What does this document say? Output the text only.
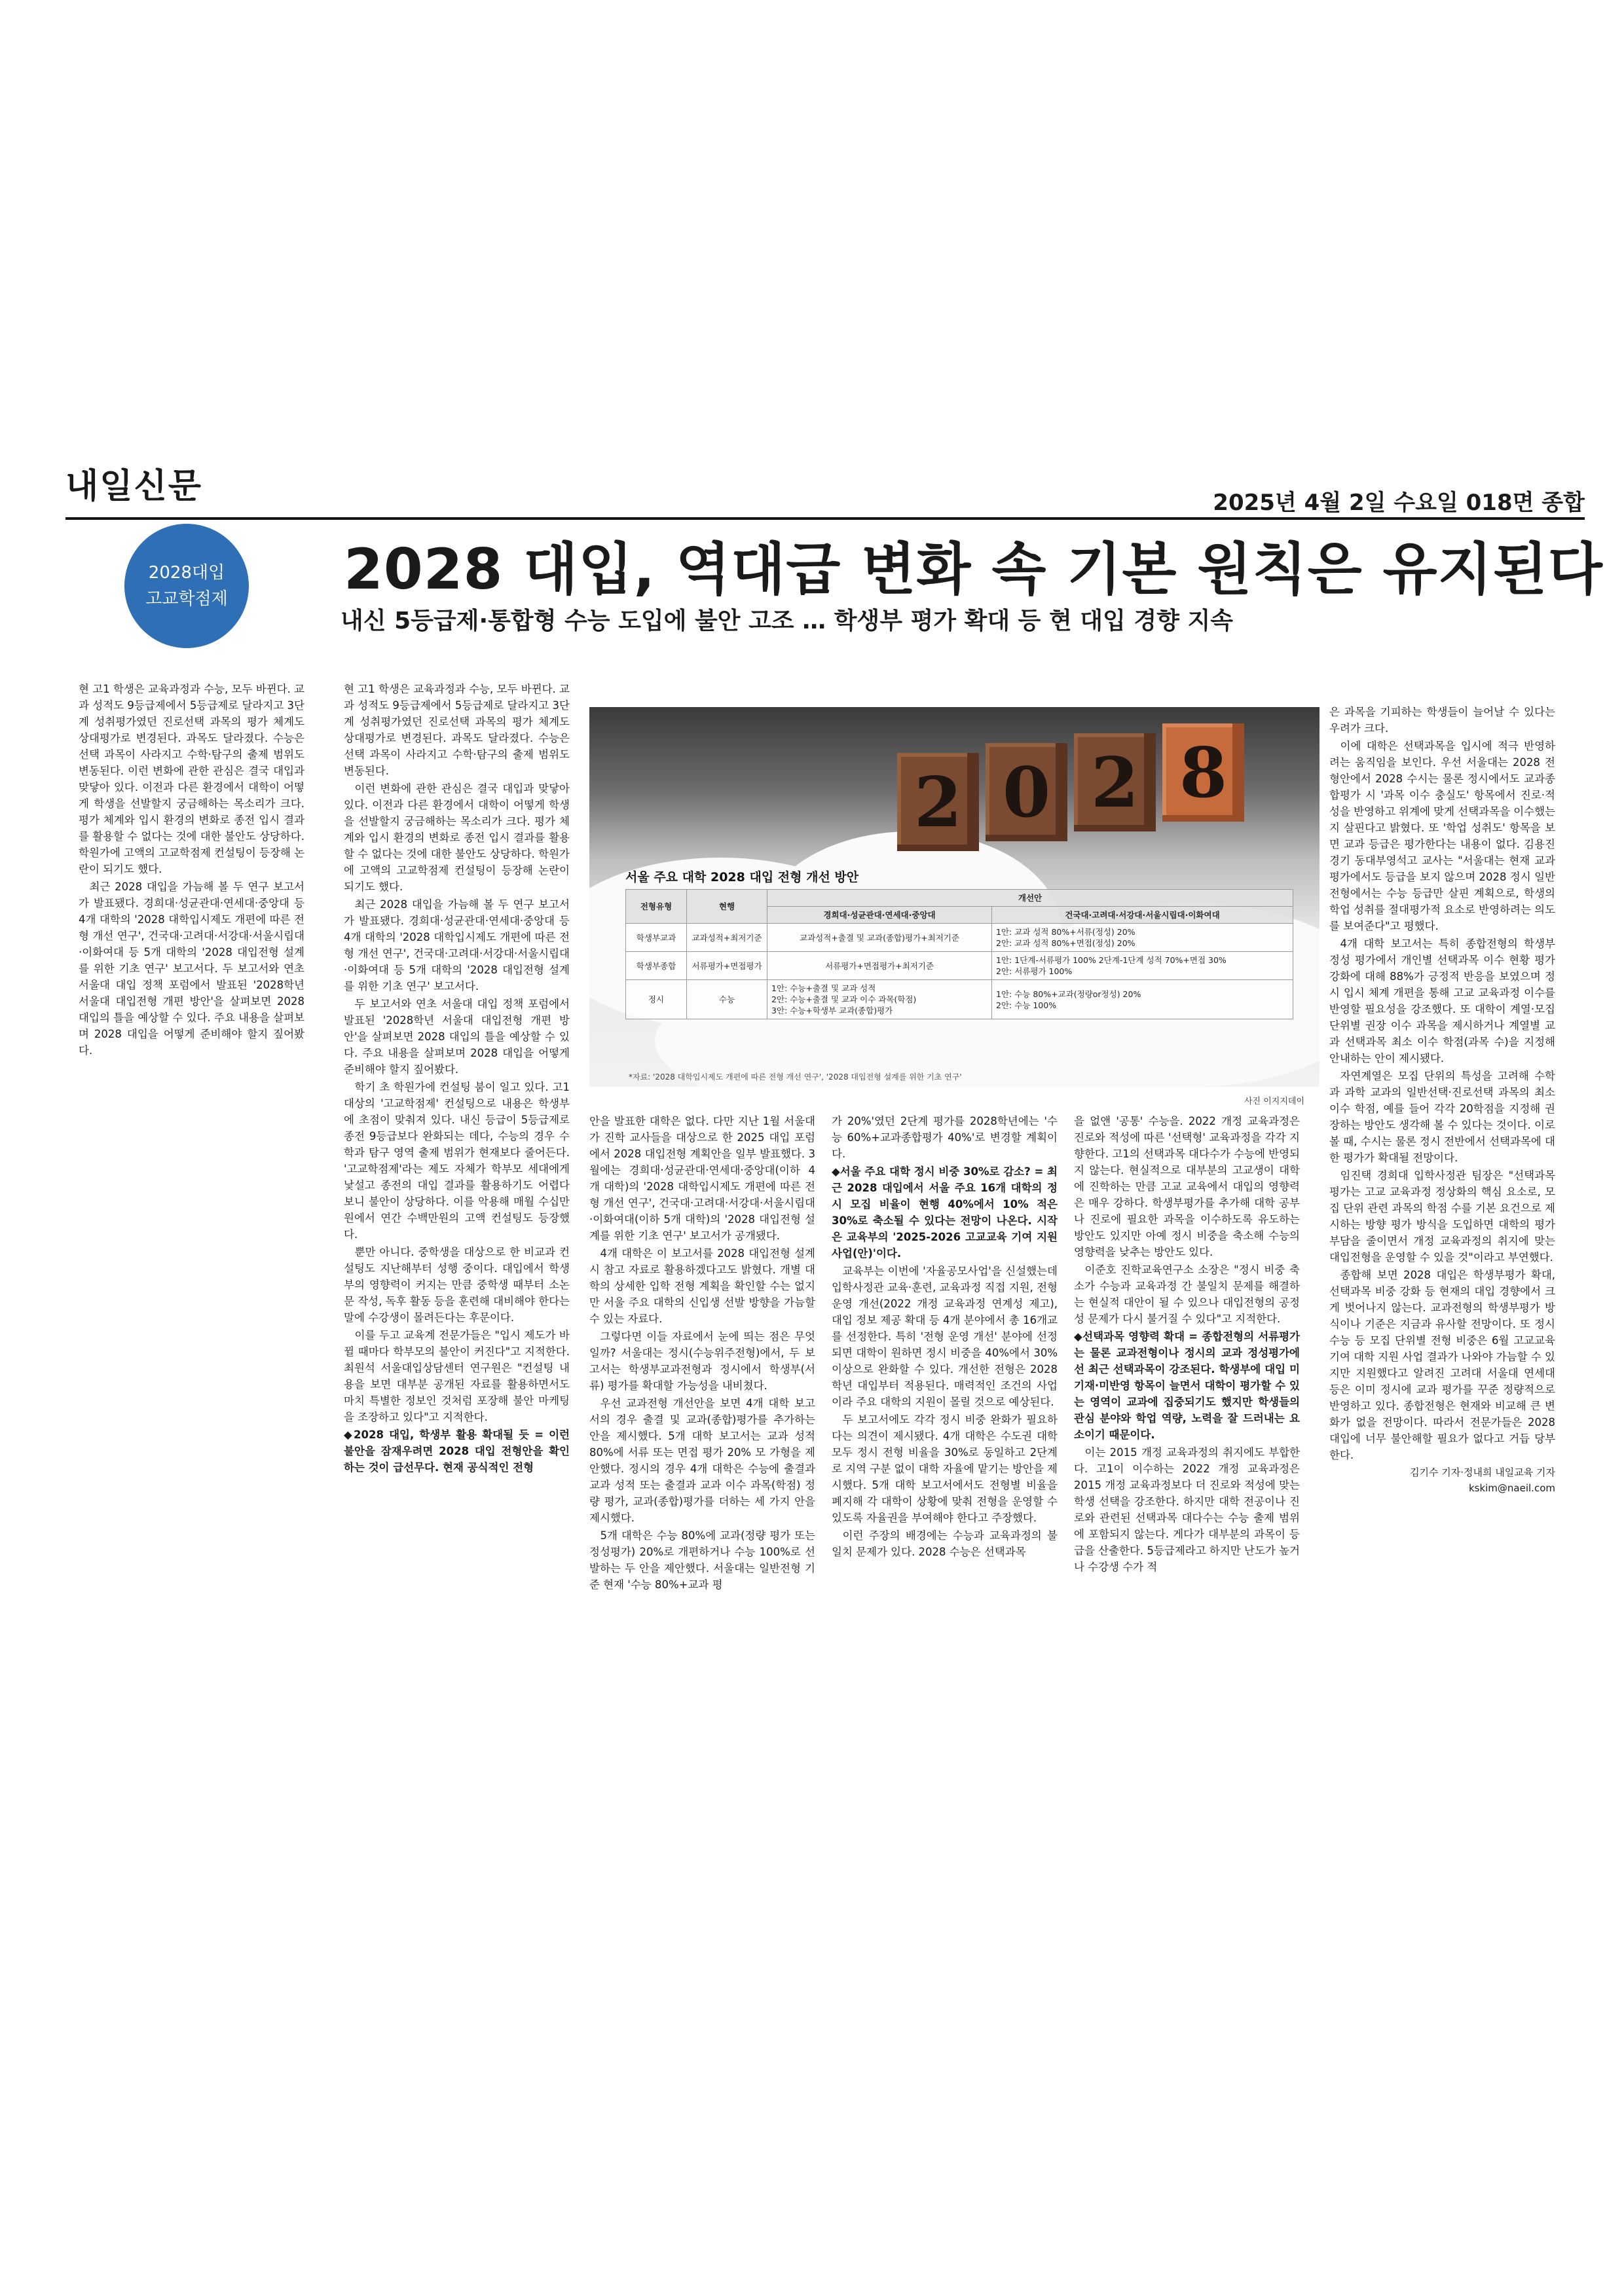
내일신문	2025년 4월 2일 수요일 018면 종합
2028대입
고교학점제 2028 대입, 역대급 변화 속 기본 원칙은 유지된다
내신 5등급제·통합형 수능 도입에 불안 고조 … 학생부 평가 확대 등 현 대입 경향 지속

현 고1 학생은 교육과정과 수능, 모두 바뀐다. 교과 성적도 9등급제에서 5등급제로 달라지고 3단계 성취평가였던 진로선택 과목의 평가 체계도 상대평가로 변경된다. 과목도 달라졌다. 수능은 선택 과목이 사라지고 수학·탐구의 출제 범위도 변동된다. 이런 변화에 관한 관심은 결국 대입과 맞닿아 있다. 이전과 다른 환경에서 대학이 어떻게 학생을 선발할지 궁금해하는 목소리가 크다. 평가 체계와 입시 환경의 변화로 종전 입시 결과를 활용할 수 없다는 것에 대한 불안도 상당하다. 학원가에 고액의 고교학점제 컨설팅이 등장해 논란이 되기도 했다.

최근 2028 대입을 가늠해 볼 두 연구 보고서가 발표됐다. 경희대·성균관대·연세대·중앙대 등 4개 대학의 '2028 대학입시제도 개편에 따른 전형 개선 연구', 건국대·고려대·서강대·서울시립대·이화여대 등 5개 대학의 '2028 대입전형 설계를 위한 기초 연구' 보고서다. 두 보고서와 연초 서울대 대입 정책 포럼에서 발표된 '2028학년 서울대 대입전형 개편 방안'을 살펴보면 2028 대입의 틀을 예상할 수 있다. 주요 내용을 살펴보며 2028 대입을 어떻게 준비해야 할지 짚어봤다.

현 고1 학생은 교육과정과 수능, 모두 바뀐다. 교과 성적도 9등급제에서 5등급제로 달라지고 3단계 성취평가였던 진로선택 과목의 평가 체계도 상대평가로 변경된다. 과목도 달라졌다. 수능은 선택 과목이 사라지고 수학·탐구의 출제 범위도 변동된다.

이런 변화에 관한 관심은 결국 대입과 맞닿아 있다. 이전과 다른 환경에서 대학이 어떻게 학생을 선발할지 궁금해하는 목소리가 크다. 평가 체계와 입시 환경의 변화로 종전 입시 결과를 활용할 수 없다는 것에 대한 불안도 상당하다. 학원가에 고액의 고교학점제 컨설팅이 등장해 논란이 되기도 했다.

최근 2028 대입을 가늠해 볼 두 연구 보고서가 발표됐다. 경희대·성균관대·연세대·중앙대 등 4개 대학의 '2028 대학입시제도 개편에 따른 전형 개선 연구', 건국대·고려대·서강대·서울시립대·이화여대 등 5개 대학의 '2028 대입전형 설계를 위한 기초 연구' 보고서다.

두 보고서와 연초 서울대 대입 정책 포럼에서 발표된 '2028학년 서울대 대입전형 개편 방안'을 살펴보면 2028 대입의 틀을 예상할 수 있다. 주요 내용을 살펴보며 2028 대입을 어떻게 준비해야 할지 짚어봤다.

학기 초 학원가에 컨설팅 붐이 일고 있다. 고1 대상의 '고교학점제' 컨설팅으로 내용은 학생부에 초점이 맞춰져 있다. 내신 등급이 5등급제로 종전 9등급보다 완화되는 데다, 수능의 경우 수학과 탐구 영역 출제 범위가 현재보다 줄어든다. '고교학점제'라는 제도 자체가 학부모 세대에게 낯설고 종전의 대입 결과를 활용하기도 어렵다 보니 불안이 상당하다. 이를 악용해 매월 수십만원에서 연간 수백만원의 고액 컨설팅도 등장했다.

뿐만 아니다. 중학생을 대상으로 한 비교과 컨설팅도 지난해부터 성행 중이다. 대입에서 학생부의 영향력이 커지는 만큼 중학생 때부터 소논문 작성, 독후 활동 등을 훈련해 대비해야 한다는 말에 수강생이 몰려든다는 후문이다.

이를 두고 교육계 전문가들은 "입시 제도가 바뀔 때마다 학부모의 불안이 커진다"고 지적한다. 최원석 서울대입상담센터 연구원은 "컨설팅 내용을 보면 대부분 공개된 자료를 활용하면서도 마치 특별한 정보인 것처럼 포장해 불안 마케팅을 조장하고 있다"고 지적한다.

◆2028 대입, 학생부 활용 확대될 듯 = 이런 불안을 잠재우려면 2028 대입 전형안을 확인하는 것이 급선무다. 현재 공식적인 전형

2 0 2 8
서울 주요 대학 2028 대입 전형 개선 방안
전형유형	현행	개선안	
		경희대·성균관대·연세대·중앙대	건국대·고려대·서강대·서울시립대·이화여대
학생부교과	교과성적+최저기준	교과성적+출결 및 교과(종합)평가+최저기준	1안: 교과 성적 80%+서류(정성) 20%
2안: 교과 성적 80%+면접(정성) 20%
학생부종합	서류평가+면접평가	서류평가+면접평가+최저기준	1안: 1단계-서류평가 100% 2단계-1단계 성적 70%+면접 30%
2안: 서류평가 100%
정시	수능	1안: 수능+출결 및 교과 성적
2안: 수능+출결 및 교과 이수 과목(학점)
3안: 수능+학생부 교과(종합)평가	1안: 수능 80%+교과(정량or정성) 20%
2안: 수능 100%
*자료: '2028 대학입시제도 개편에 따른 전형 개선 연구', '2028 대입전형 설계를 위한 기초 연구'
사진 이지지데이

안을 발표한 대학은 없다. 다만 지난 1월 서울대가 진학 교사들을 대상으로 한 2025 대입 포럼에서 2028 대입전형 계획안을 일부 발표했다. 3월에는 경희대·성균관대·연세대·중앙대(이하 4개 대학)의 '2028 대학입시제도 개편에 따른 전형 개선 연구', 건국대·고려대·서강대·서울시립대·이화여대(이하 5개 대학)의 '2028 대입전형 설계를 위한 기초 연구' 보고서가 공개됐다.

4개 대학은 이 보고서를 2028 대입전형 설계 시 참고 자료로 활용하겠다고도 밝혔다. 개별 대학의 상세한 입학 전형 계획을 확인할 수는 없지만 서울 주요 대학의 신입생 선발 방향을 가늠할 수 있는 자료다.

그렇다면 이들 자료에서 눈에 띄는 점은 무엇일까? 서울대는 정시(수능위주전형)에서, 두 보고서는 학생부교과전형과 정시에서 학생부(서류) 평가를 확대할 가능성을 내비쳤다.

우선 교과전형 개선안을 보면 4개 대학 보고서의 경우 출결 및 교과(종합)평가를 추가하는 안을 제시했다. 5개 대학 보고서는 교과 성적 80%에 서류 또는 면접 평가 20% 모 가형을 제안했다. 정시의 경우 4개 대학은 수능에 출결과 교과 성적 또는 출결과 교과 이수 과목(학점) 정량 평가, 교과(종합)평가를 더하는 세 가지 안을 제시했다.

5개 대학은 수능 80%에 교과(정량 평가 또는 정성평가) 20%로 개편하거나 수능 100%로 선발하는 두 안을 제안했다. 서울대는 일반전형 기준 현재 '수능 80%+교과 평

가 20%'였던 2단계 평가를 2028학년에는 '수능 60%+교과종합평가 40%'로 변경할 계획이다.

◆서울 주요 대학 정시 비중 30%로 감소? = 최근 2028 대입에서 서울 주요 16개 대학의 정시 모집 비율이 현행 40%에서 10% 적은 30%로 축소될 수 있다는 전망이 나온다. 시작은 교육부의 '2025-2026 고교교육 기여 지원 사업(안)'이다.

교육부는 이번에 '자율공모사업'을 신설했는데 입학사정관 교육·훈련, 교육과정 직접 지원, 전형 운영 개선(2022 개정 교육과정 연계성 제고), 대입 정보 제공 확대 등 4개 분야에서 총 16개교를 선정한다. 특히 '전형 운영 개선' 분야에 선정되면 대학이 원하면 정시 비중을 40%에서 30% 이상으로 완화할 수 있다. 개선한 전형은 2028학년 대입부터 적용된다. 매력적인 조건의 사업이라 주요 대학의 지원이 몰릴 것으로 예상된다.

두 보고서에도 각각 정시 비중 완화가 필요하다는 의견이 제시됐다. 4개 대학은 수도권 대학 모두 정시 전형 비율을 30%로 동일하고 2단계로 지역 구분 없이 대학 자율에 맡기는 방안을 제시했다. 5개 대학 보고서에서도 전형별 비율을 폐지해 각 대학이 상황에 맞춰 전형을 운영할 수 있도록 자율권을 부여해야 한다고 주장했다.

이런 주장의 배경에는 수능과 교육과정의 불일치 문제가 있다. 2028 수능은 선택과목

을 없앤 '공통' 수능을. 2022 개정 교육과정은 진로와 적성에 따른 '선택형' 교육과정을 각각 지향한다. 고1의 선택과목 대다수가 수능에 반영되지 않는다. 현실적으로 대부분의 고교생이 대학에 진학하는 만큼 고교 교육에서 대입의 영향력은 매우 강하다. 학생부평가를 추가해 대학 공부나 진로에 필요한 과목을 이수하도록 유도하는 방안도 있지만 아예 정시 비중을 축소해 수능의 영향력을 낮추는 방안도 있다.

이준호 진학교육연구소 소장은 "정시 비중 축소가 수능과 교육과정 간 불일치 문제를 해결하는 현실적 대안이 될 수 있으나 대입전형의 공정성 문제가 다시 불거질 수 있다"고 지적한다.

◆선택과목 영향력 확대 = 종합전형의 서류평가는 물론 교과전형이나 정시의 교과 정성평가에선 최근 선택과목이 강조된다. 학생부에 대입 미기재·미반영 항목이 늘면서 대학이 평가할 수 있는 영역이 교과에 집중되기도 했지만 학생들의 관심 분야와 학업 역량, 노력을 잘 드러내는 요소이기 때문이다.

이는 2015 개정 교육과정의 취지에도 부합한다. 고1이 이수하는 2022 개정 교육과정은 2015 개정 교육과정보다 더 진로와 적성에 맞는 학생 선택을 강조한다. 하지만 대학 전공이나 진로와 관련된 선택과목 대다수는 수능 출제 범위에 포함되지 않는다. 게다가 대부분의 과목이 등급을 산출한다. 5등급제라고 하지만 난도가 높거나 수강생 수가 적

은 과목을 기피하는 학생들이 늘어날 수 있다는 우려가 크다.

이에 대학은 선택과목을 입시에 적극 반영하려는 움직임을 보인다. 우선 서울대는 2028 전형안에서 2028 수시는 물론 정시에서도 교과종합평가 시 '과목 이수 충실도' 항목에서 진로·적성을 반영하고 위계에 맞게 선택과목을 이수했는지 살핀다고 밝혔다. 또 '학업 성취도' 항목을 보면 교과 등급은 평가한다는 내용이 없다. 김용진 경기 동대부영석고 교사는 "서울대는 현재 교과 평가에서도 등급을 보지 않으며 2028 정시 일반전형에서는 수능 등급만 살핀 계획으로, 학생의 학업 성취를 절대평가적 요소로 반영하려는 의도를 보여준다"고 평했다.

4개 대학 보고서는 특히 종합전형의 학생부 정성 평가에서 개인별 선택과목 이수 현황 평가 강화에 대해 88%가 긍정적 반응을 보였으며 정시 입시 체계 개편을 통해 고교 교육과정 이수를 반영할 필요성을 강조했다. 또 대학이 계열·모집 단위별 권장 이수 과목을 제시하거나 계열별 교과 선택과목 최소 이수 학점(과목 수)을 지정해 안내하는 안이 제시됐다.

자연계열은 모집 단위의 특성을 고려해 수학과 과학 교과의 일반선택·진로선택 과목의 최소 이수 학점, 예를 들어 각각 20학점을 지정해 권장하는 방안도 생각해 볼 수 있다는 것이다. 이로 볼 때, 수시는 물론 정시 전반에서 선택과목에 대한 평가가 확대될 전망이다.

임진택 경희대 입학사정관 팀장은 "선택과목 평가는 고교 교육과정 정상화의 핵심 요소로, 모집 단위 관련 과목의 학점 수를 기본 요건으로 제시하는 방향 평가 방식을 도입하면 대학의 평가 부담을 줄이면서 개정 교육과정의 취지에 맞는 대입전형을 운영할 수 있을 것"이라고 부연했다.

종합해 보면 2028 대입은 학생부평가 확대, 선택과목 비중 강화 등 현재의 대입 경향에서 크게 벗어나지 않는다. 교과전형의 학생부평가 방식이나 기준은 지금과 유사할 전망이다. 또 정시 수능 등 모집 단위별 전형 비중은 6월 고교교육 기여 대학 지원 사업 결과가 나와야 가늠할 수 있지만 지원했다고 알려진 고려대 서울대 연세대 등은 이미 정시에 교과 평가를 꾸준 정량적으로 반영하고 있다. 종합전형은 현재와 비교해 큰 변화가 없을 전망이다. 따라서 전문가들은 2028 대입에 너무 불안해할 필요가 없다고 거듭 당부한다.

김기수 기자·정내희 내일교육 기자
kskim@naeil.com
